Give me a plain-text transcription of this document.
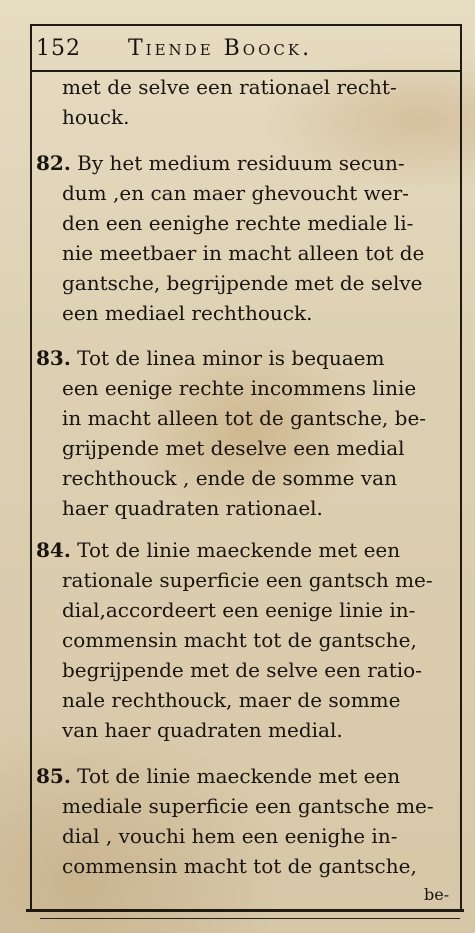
152	Tiende Boock.
met de selve een rationael recht-
houck.
82. By het medium residuum secun-
dum ,en can maer ghevoucht wer-
den een eenighe rechte mediale li-
nie meetbaer in macht alleen tot de
gantsche, begrijpende met de selve
een mediael rechthouck.
83. Tot de linea minor is bequaem
een eenige rechte incommens linie
in macht alleen tot de gantsche, be-
grijpende met deselve een medial
rechthouck , ende de somme van
haer quadraten rationael.
84. Tot de linie maeckende met een
rationale superficie een gantsch me-
dial,accordeert een eenige linie in-
commensin macht tot de gantsche,
begrijpende met de selve een ratio-
nale rechthouck, maer de somme
van haer quadraten medial.
85. Tot de linie maeckende met een
mediale superficie een gantsche me-
dial , vouchi hem een eenighe in-
commensin macht tot de gantsche,
be-
